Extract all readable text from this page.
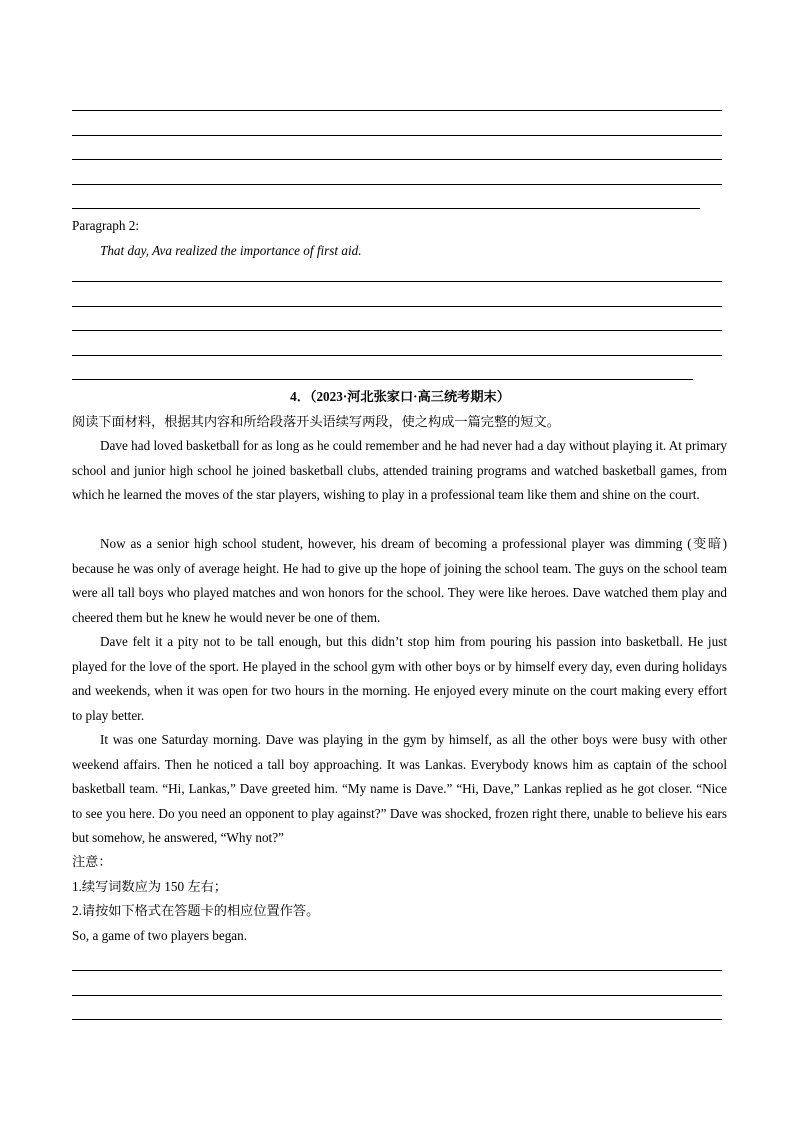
Paragraph 2:
That day, Ava realized the importance of first aid.
4．（2023·河北张家口·高三统考期末）
阅读下面材料，根据其内容和所给段落开头语续写两段，使之构成一篇完整的短文。

Dave had loved basketball for as long as he could remember and he had never had a day without playing it. At primary school and junior high school he joined basketball clubs, attended training programs and watched basketball games, from which he learned the moves of the star players, wishing to play in a professional team like them and shine on the court.

Now as a senior high school student, however, his dream of becoming a professional player was dimming (变暗) because he was only of average height. He had to give up the hope of joining the school team. The guys on the school team were all tall boys who played matches and won honors for the school. They were like heroes. Dave watched them play and cheered them but he knew he would never be one of them.

Dave felt it a pity not to be tall enough, but this didn’t stop him from pouring his passion into basketball. He just played for the love of the sport. He played in the school gym with other boys or by himself every day, even during holidays and weekends, when it was open for two hours in the morning. He enjoyed every minute on the court making every effort to play better.

It was one Saturday morning. Dave was playing in the gym by himself, as all the other boys were busy with other weekend affairs. Then he noticed a tall boy approaching. It was Lankas. Everybody knows him as captain of the school basketball team. “Hi, Lankas,” Dave greeted him. “My name is Dave.” “Hi, Dave,” Lankas replied as he got closer. “Nice to see you here. Do you need an opponent to play against?” Dave was shocked, frozen right there, unable to believe his ears but somehow, he answered, “Why not?”

注意：
1.续写词数应为 150 左右；
2.请按如下格式在答题卡的相应位置作答。
So, a game of two players began.
